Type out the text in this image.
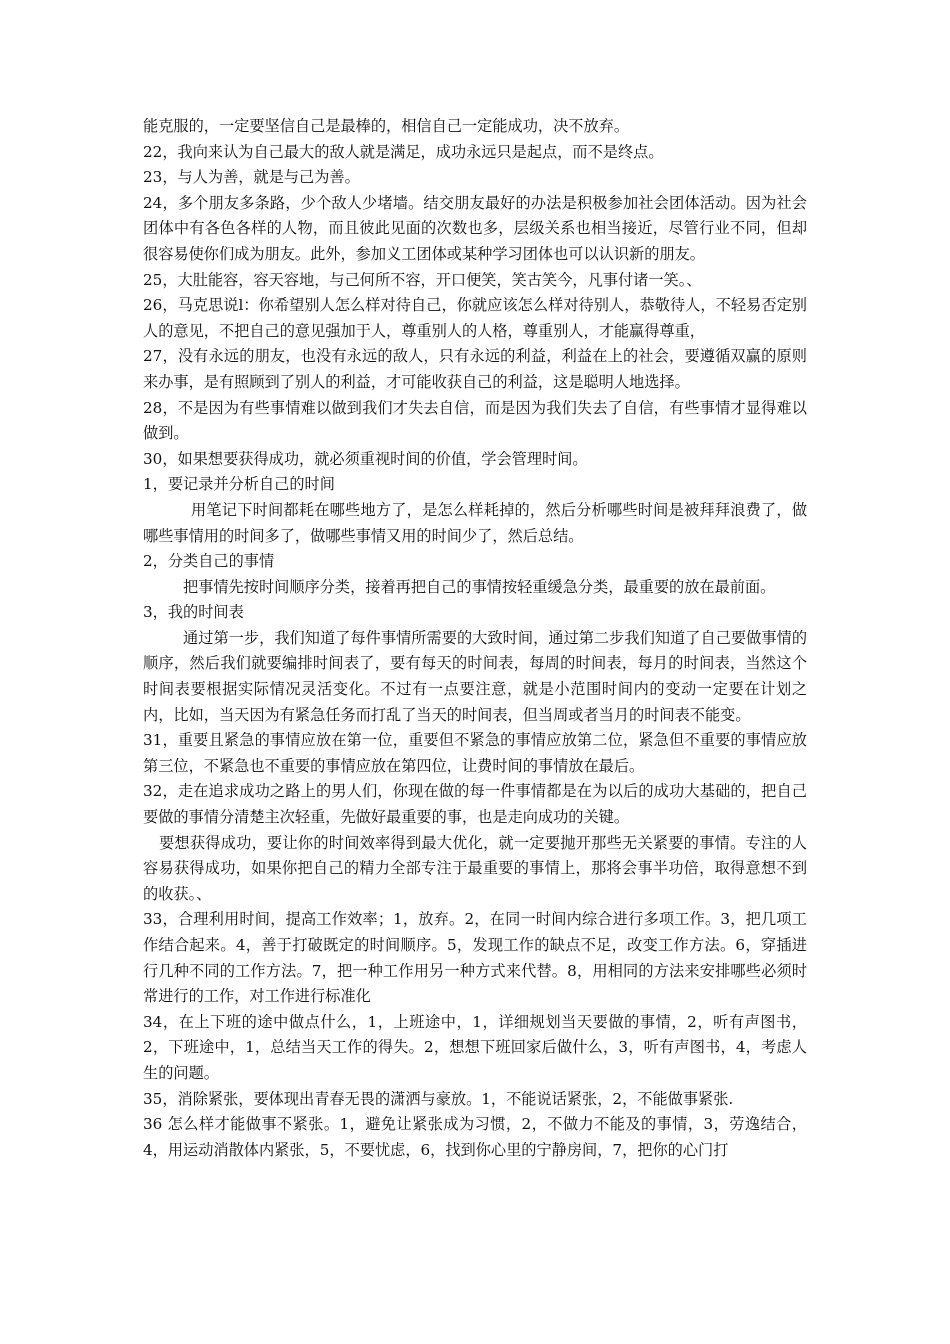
能克服的，一定要坚信自己是最棒的，相信自己一定能成功，决不放弃。

22，我向来认为自己最大的敌人就是满足，成功永远只是起点，而不是终点。

23，与人为善，就是与己为善。

24，多个朋友多条路，少个敌人少堵墙。结交朋友最好的办法是积极参加社会团体活动。因为社会团体中有各色各样的人物，而且彼此见面的次数也多，层级关系也相当接近，尽管行业不同，但却很容易使你们成为朋友。此外，参加义工团体或某种学习团体也可以认识新的朋友。

25，大肚能容，容天容地，与己何所不容，开口便笑，笑古笑今，凡事付诸一笑。、

26，马克思说l：你希望别人怎么样对待自己，你就应该怎么样对待别人，恭敬待人，不轻易否定别人的意见，不把自己的意见强加于人，尊重别人的人格，尊重别人，才能赢得尊重，

27，没有永远的朋友，也没有永远的敌人，只有永远的利益，利益在上的社会，要遵循双赢的原则来办事，是有照顾到了别人的利益，才可能收获自己的利益，这是聪明人地选择。

28，不是因为有些事情难以做到我们才失去自信，而是因为我们失去了自信，有些事情才显得难以做到。

30，如果想要获得成功，就必须重视时间的价值，学会管理时间。

1，要记录并分析自己的时间

用笔记下时间都耗在哪些地方了，是怎么样耗掉的，然后分析哪些时间是被拜拜浪费了，做哪些事情用的时间多了，做哪些事情又用的时间少了，然后总结。

2，分类自己的事情

把事情先按时间顺序分类，接着再把自己的事情按轻重缓急分类，最重要的放在最前面。

3，我的时间表

通过第一步，我们知道了每件事情所需要的大致时间，通过第二步我们知道了自己要做事情的顺序，然后我们就要编排时间表了，要有每天的时间表，每周的时间表，每月的时间表，当然这个时间表要根据实际情况灵活变化。不过有一点要注意，就是小范围时间内的变动一定要在计划之内，比如，当天因为有紧急任务而打乱了当天的时间表，但当周或者当月的时间表不能变。

31，重要且紧急的事情应放在第一位，重要但不紧急的事情应放第二位，紧急但不重要的事情应放第三位，不紧急也不重要的事情应放在第四位，让费时间的事情放在最后。

32，走在追求成功之路上的男人们，你现在做的每一件事情都是在为以后的成功大基础的，把自己要做的事情分清楚主次轻重，先做好最重要的事，也是走向成功的关键。

要想获得成功，要让你的时间效率得到最大优化，就一定要抛开那些无关紧要的事情。专注的人容易获得成功，如果你把自己的精力全部专注于最重要的事情上，那将会事半功倍，取得意想不到的收获。、

33，合理利用时间，提高工作效率；1，放弃。2，在同一时间内综合进行多项工作。3，把几项工作结合起来。4，善于打破既定的时间顺序。5，发现工作的缺点不足，改变工作方法。6，穿插进行几种不同的工作方法。7，把一种工作用另一种方式来代替。8，用相同的方法来安排哪些必须时常进行的工作，对工作进行标准化

34，在上下班的途中做点什么，1，上班途中，1，详细规划当天要做的事情，2，听有声图书，2，下班途中，1，总结当天工作的得失。2，想想下班回家后做什么，3，听有声图书，4，考虑人生的问题。

35，消除紧张，要体现出青春无畏的潇洒与豪放。1，不能说话紧张，2，不能做事紧张.

36 怎么样才能做事不紧张。1，避免让紧张成为习惯，2，不做力不能及的事情，3，劳逸结合，4，用运动消散体内紧张，5，不要忧虑，6，找到你心里的宁静房间，7，把你的心门打
